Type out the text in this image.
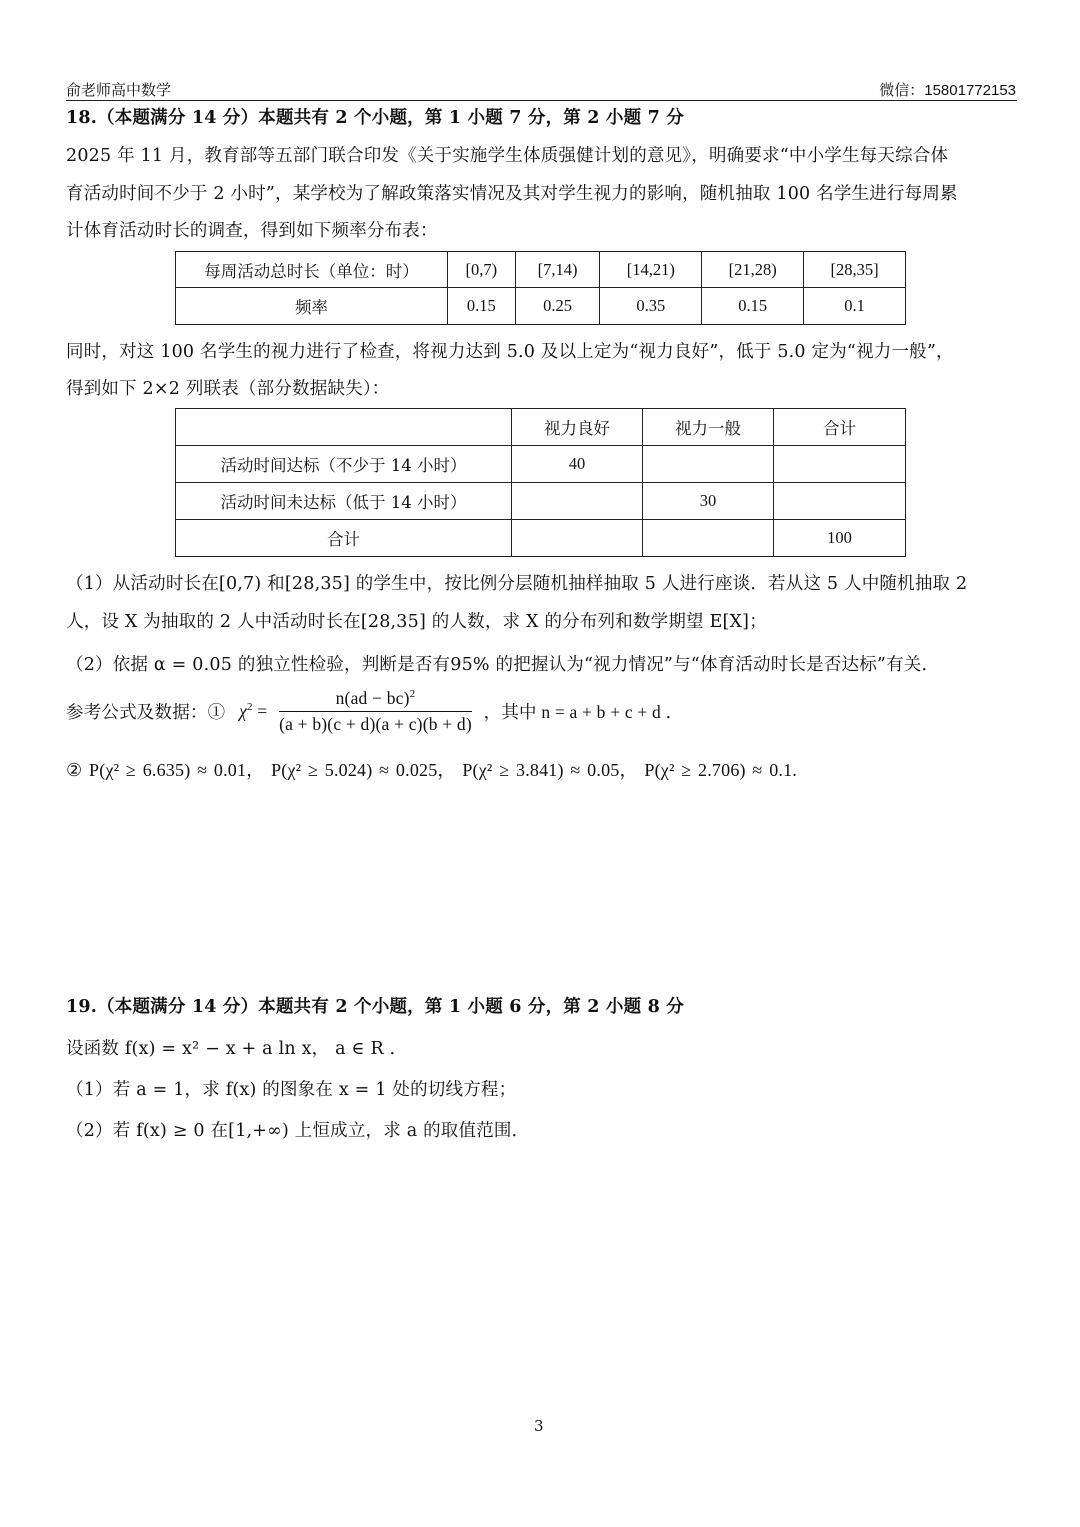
俞老师高中数学	微信：15801772153
18.（本题满分 14 分）本题共有 2 个小题，第 1 小题 7 分，第 2 小题 7 分
2025 年 11 月，教育部等五部门联合印发《关于实施学生体质强健计划的意见》，明确要求“中小学生每天综合体
育活动时间不少于 2 小时”，某学校为了解政策落实情况及其对学生视力的影响，随机抽取 100 名学生进行每周累
计体育活动时长的调查，得到如下频率分布表：
每周活动总时长（单位：时）	[0,7)	[7,14)	[14,21)	[21,28)	[28,35]
频率	0.15	0.25	0.35	0.15	0.1
同时，对这 100 名学生的视力进行了检查，将视力达到 5.0 及以上定为“视力良好”，低于 5.0 定为“视力一般”，
得到如下 2×2 列联表（部分数据缺失）：
	视力良好	视力一般	合计
活动时间达标（不少于 14 小时）	40		
活动时间未达标（低于 14 小时）		30	
合计			100
（1）从活动时长在[0,7) 和[28,35] 的学生中，按比例分层随机抽样抽取 5 人进行座谈．若从这 5 人中随机抽取 2
人，设 X 为抽取的 2 人中活动时长在[28,35] 的人数，求 X 的分布列和数学期望 E[X]；
（2）依据 α = 0.05 的独立性检验，判断是否有95% 的把握认为“视力情况”与“体育活动时长是否达标”有关．
参考公式及数据：① $\chi^2 = \frac{n(ad - bc)^2}{(a + b)(c + d)(a + c)(b + d)}$ ，其中 n = a + b + c + d ．
② P(χ² ≥ 6.635) ≈ 0.01， P(χ² ≥ 5.024) ≈ 0.025， P(χ² ≥ 3.841) ≈ 0.05， P(χ² ≥ 2.706) ≈ 0.1.
19.（本题满分 14 分）本题共有 2 个小题，第 1 小题 6 分，第 2 小题 8 分
设函数 f(x) = x² − x + a ln x， a ∈ R ．
（1）若 a = 1，求 f(x) 的图象在 x = 1 处的切线方程；
（2）若 f(x) ≥ 0 在[1,+∞) 上恒成立，求 a 的取值范围．
3
